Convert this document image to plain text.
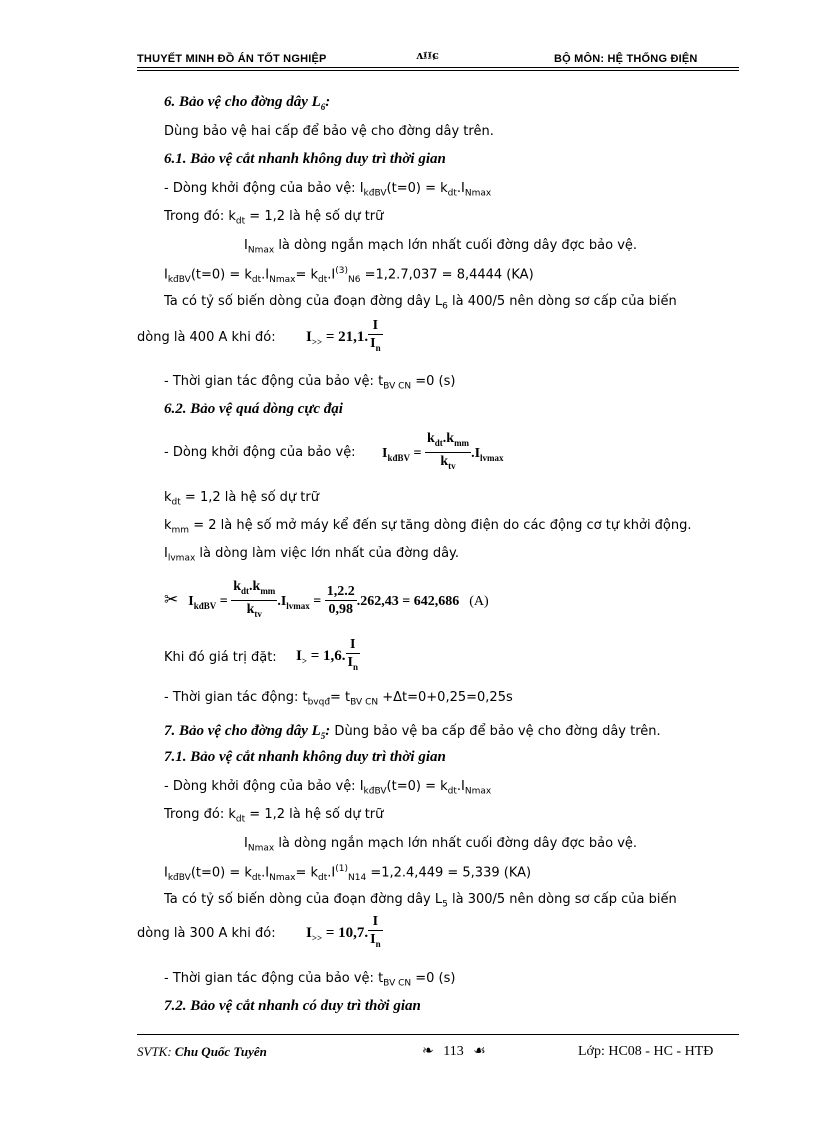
THUYẾT MINH ĐỒ ÁN TỐT NGHIỆP	ʌ፤፤ɕ	BỘ MÔN: HỆ THỐNG ĐIỆN
6. Bảo vệ cho đờng dây $L_6$:
Dùng bảo vệ hai cấp để bảo vệ cho đờng dây trên.
6.1. Bảo vệ cắt nhanh không duy trì thời gian
- Dòng khởi động của bảo vệ: $I_{kđBV}(t=0) = k_{dt}.I_{Nmax}$
Trong đó: $k_{dt} = 1,2$ là hệ số dự trữ
$I_{Nmax}$ là dòng ngắn mạch lớn nhất cuối đờng dây đợc bảo vệ.
$I_{kđBV}(t=0) = k_{dt}.I_{Nmax}= k_{dt}.I^{(3)}_{N6} =1,2.7,037 = 8,4444$ (KA)
Ta có tỷ số biến dòng của đoạn đờng dây $L_6$ là 400/5 nên dòng sơ cấp của biến
dòng là 400 A khi đó: $I_{>>} = 21,1$. $\frac{I}{I_n}$
- Thời gian tác động của bảo vệ: $t_{BV CN} =0$ (s)
6.2. Bảo vệ quá dòng cực đại
- Dòng khởi động của bảo vệ: $I_{kđBV} = \frac{k_{dt}.k_{mm}}{k_{tv}} .I_{lvmax}$
$k_{dt} = 1,2$ là hệ số dự trữ
$k_{mm} = 2$ là hệ số mở máy kể đến sự tăng dòng điện do các động cơ tự khởi động.
$I_{lvmax}$ là dòng làm việc lớn nhất của đờng dây.
✂ $I_{kđBV} = \frac{k_{dt}.k_{mm}}{k_{tv}} .I_{lvmax} = \frac{1,2.2}{0,98} .262,43 = 642,686$ (A)
Khi đó giá trị đặt: $I_> = 1,6$. $\frac{I}{I_n}$
- Thời gian tác động: $t_{bvqđ}= t_{BV CN} +\Delta t=0+0,25=0,25s$
7. Bảo vệ cho đờng dây $L_5$: Dùng bảo vệ ba cấp để bảo vệ cho đờng dây trên.
7.1. Bảo vệ cắt nhanh không duy trì thời gian
- Dòng khởi động của bảo vệ: $I_{kđBV}(t=0) = k_{dt}.I_{Nmax}$
Trong đó: $k_{dt} = 1,2$ là hệ số dự trữ
$I_{Nmax}$ là dòng ngắn mạch lớn nhất cuối đờng dây đợc bảo vệ.
$I_{kđBV}(t=0) = k_{dt}.I_{Nmax}= k_{dt}.I^{(1)}_{N14} =1,2.4,449 = 5,339$ (KA)
Ta có tỷ số biến dòng của đoạn đờng dây $L_5$ là 300/5 nên dòng sơ cấp của biến
dòng là 300 A khi đó: $I_{>>} = 10,7$. $\frac{I}{I_n}$
- Thời gian tác động của bảo vệ: $t_{BV CN} =0$ (s)
7.2. Bảo vệ cắt nhanh có duy trì thời gian
SVTK: Chu Quốc Tuyên	❧ 113 ☙	Lớp: HC08 - HC - HTĐ
